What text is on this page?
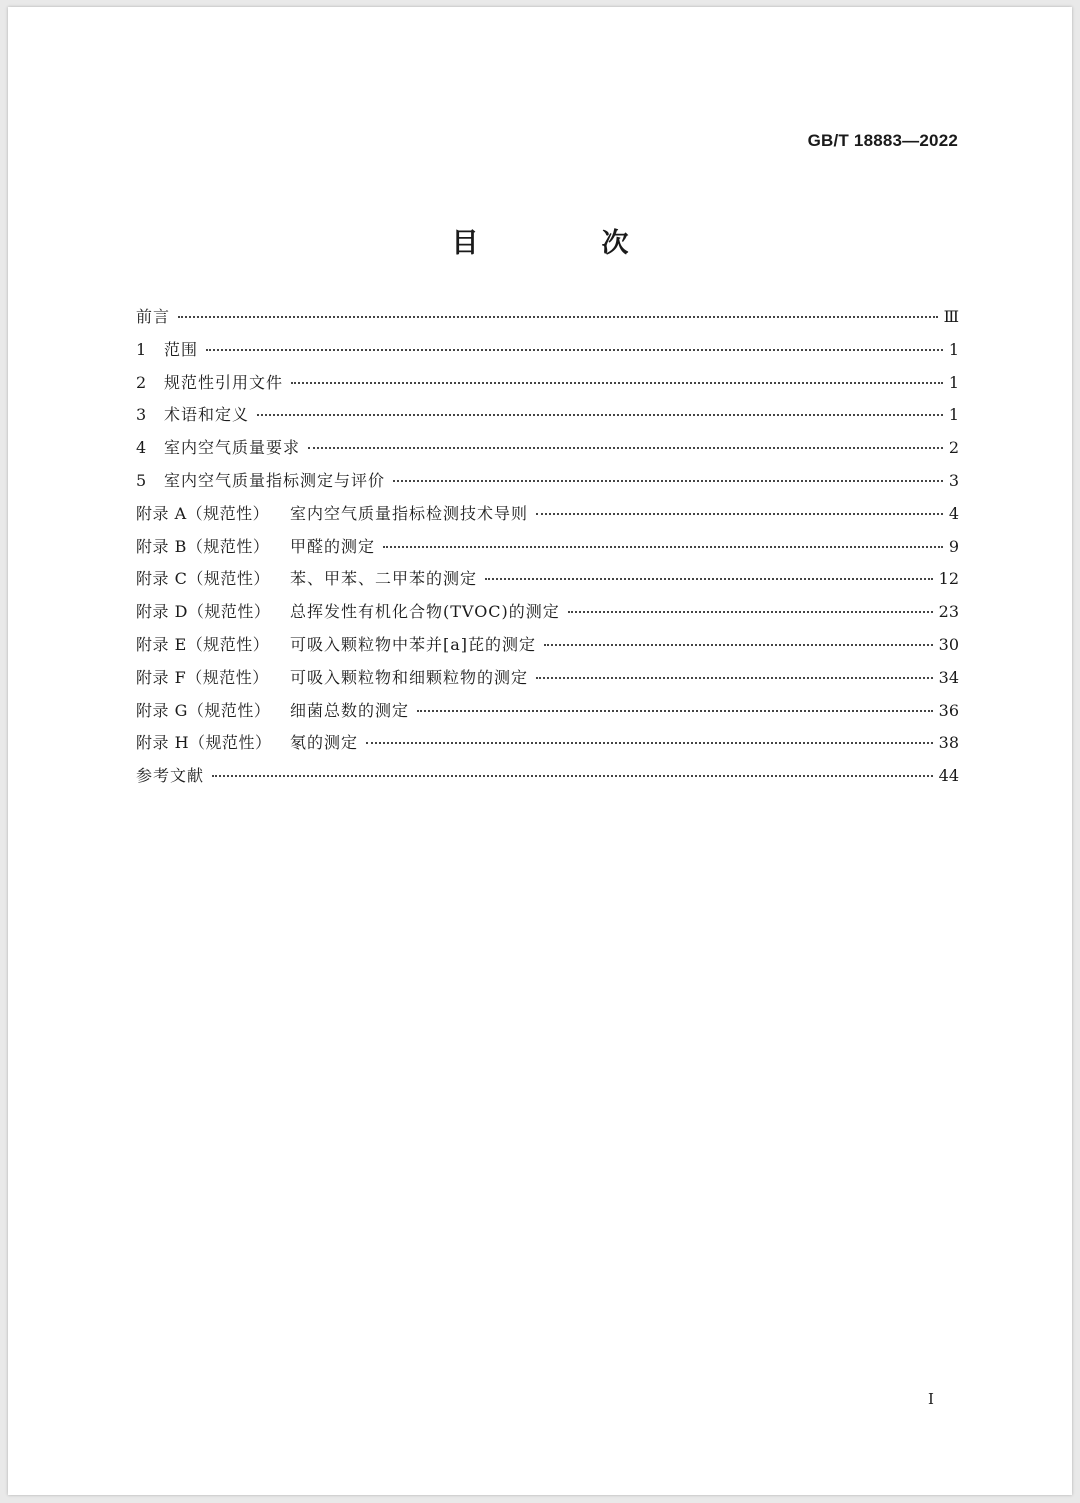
GB/T 18883—2022
目　次
前言	Ⅲ
1 范围	1
2 规范性引用文件	1
3 术语和定义	1
4 室内空气质量要求	2
5 室内空气质量指标测定与评价	3
附录 A（规范性） 室内空气质量指标检测技术导则	4
附录 B（规范性） 甲醛的测定	9
附录 C（规范性） 苯、甲苯、二甲苯的测定	12
附录 D（规范性） 总挥发性有机化合物(TVOC)的测定	23
附录 E（规范性） 可吸入颗粒物中苯并[a]芘的测定	30
附录 F（规范性） 可吸入颗粒物和细颗粒物的测定	34
附录 G（规范性） 细菌总数的测定	36
附录 H（规范性） 氡的测定	38
参考文献	44
I
